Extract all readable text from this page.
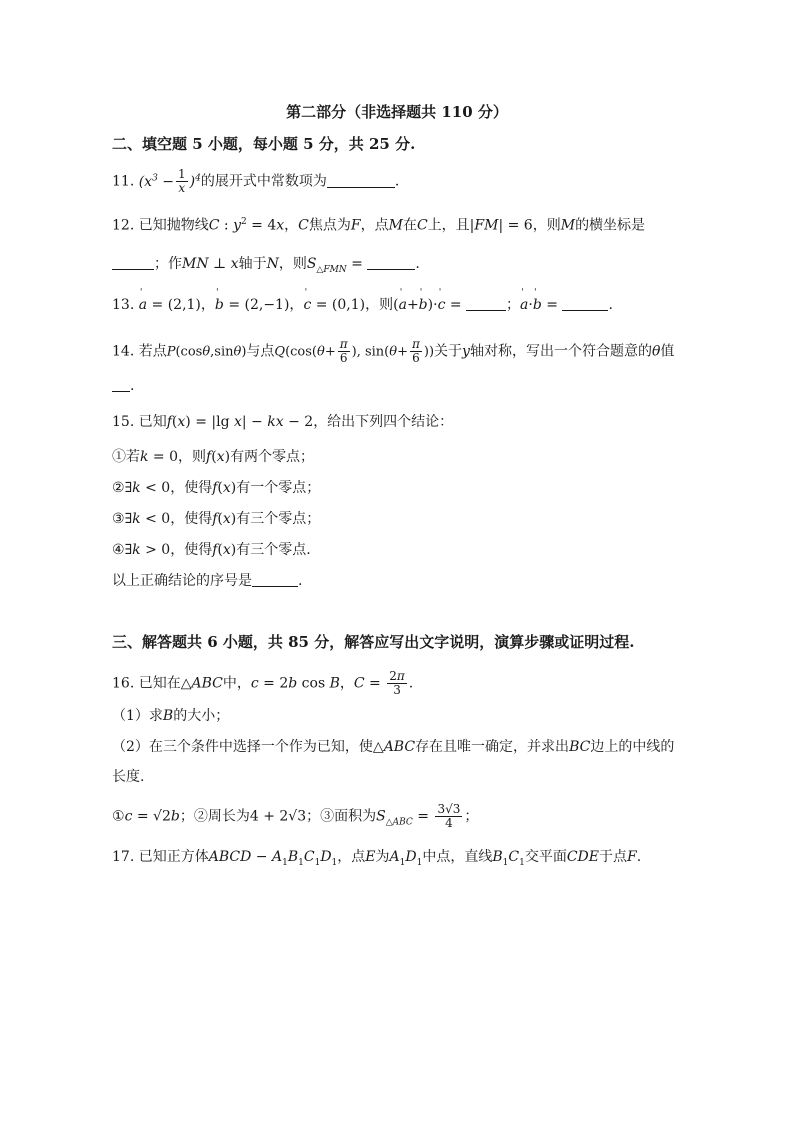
第二部分（非选择题共 110 分）
二、填空题 5 小题，每小题 5 分，共 25 分.
11. $(x^3 - \frac{1}{x} )^4$的展开式中常数项为	.
12. 已知抛物线C : $y^2 = 4x$，C焦点为F，点M在C上，且|FM| = 6，则M的横坐标是
；作MN ⊥ x轴于N，则$S_{\triangle FMN}$ =	.
13. ˈ a = (2,1)，ˈ b = (2,−1)，ˈ c = (0,1)，则(ˈ a+ˈ b)·ˈ c =	；ˈ a·ˈ b =	.
14. 若点P(cosθ,sinθ)与点$Q(\cos(\theta+ \frac{\pi}{6}$ ), $\sin(\theta+ \frac{\pi}{6}$ ))关于y轴对称，写出一个符合题意的θ值
.
15. 已知f(x) = |lg x| − kx − 2，给出下列四个结论：
①若k = 0，则f(x)有两个零点；
②∃k < 0，使得f(x)有一个零点；
③∃k < 0，使得f(x)有三个零点；
④∃k > 0，使得f(x)有三个零点.
以上正确结论的序号是	.
三、解答题共 6 小题，共 85 分，解答应写出文字说明，演算步骤或证明过程.
16. 已知在△ABC中，c = 2b cos B，$C = \frac{2\pi}{3}$ .
（1）求B的大小；
（2）在三个条件中选择一个作为已知，使△ABC存在且唯一确定，并求出BC边上的中线的
长度.
①c = √2b；②周长为4 + 2√3；③面积为$S_{\triangle ABC} = \frac{3√3}{4}$ ；
17. 已知正方体ABCD − $A_1B_1C_1D_1$，点E为$A_1D_1$中点，直线$B_1C_1$交平面CDE于点F.
